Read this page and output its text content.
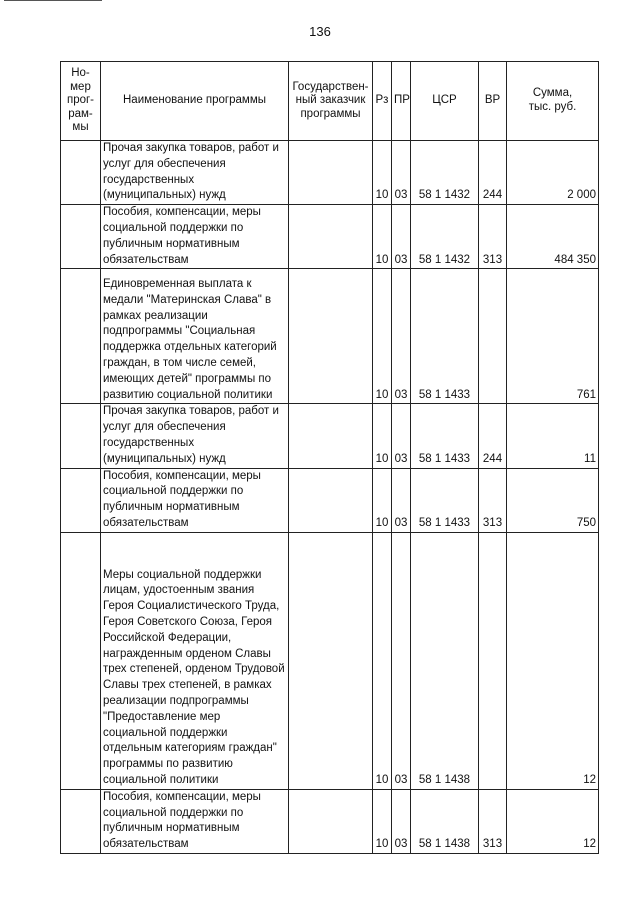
136
Но-
мер
прог-
рам-
мы	Наименование программы	Государствен-
ный заказчик
программы	Рз	ПР	ЦСР	ВР	Сумма,
тыс. руб.
	Прочая закупка товаров, работ и услуг для обеспечения государственных (муниципальных) нужд		10	03	58 1 1432	244	2 000
	Пособия, компенсации, меры социальной поддержки по публичным нормативным обязательствам		10	03	58 1 1432	313	484 350
	Единовременная выплата к медали "Материнская Слава" в рамках реализации подпрограммы "Социальная поддержка отдельных категорий граждан, в том числе семей, имеющих детей" программы по развитию социальной политики		10	03	58 1 1433		761
	Прочая закупка товаров, работ и услуг для обеспечения государственных (муниципальных) нужд		10	03	58 1 1433	244	11
	Пособия, компенсации, меры социальной поддержки по публичным нормативным обязательствам		10	03	58 1 1433	313	750
	Меры социальной поддержки лицам, удостоенным звания Героя Социалистического Труда, Героя Советского Союза, Героя Российской Федерации, награжденным орденом Славы трех степеней, орденом Трудовой Славы трех степеней, в рамках реализации подпрограммы "Предоставление мер социальной поддержки отдельным категориям граждан" программы по развитию социальной политики		10	03	58 1 1438		12
	Пособия, компенсации, меры социальной поддержки по публичным нормативным обязательствам		10	03	58 1 1438	313	12
